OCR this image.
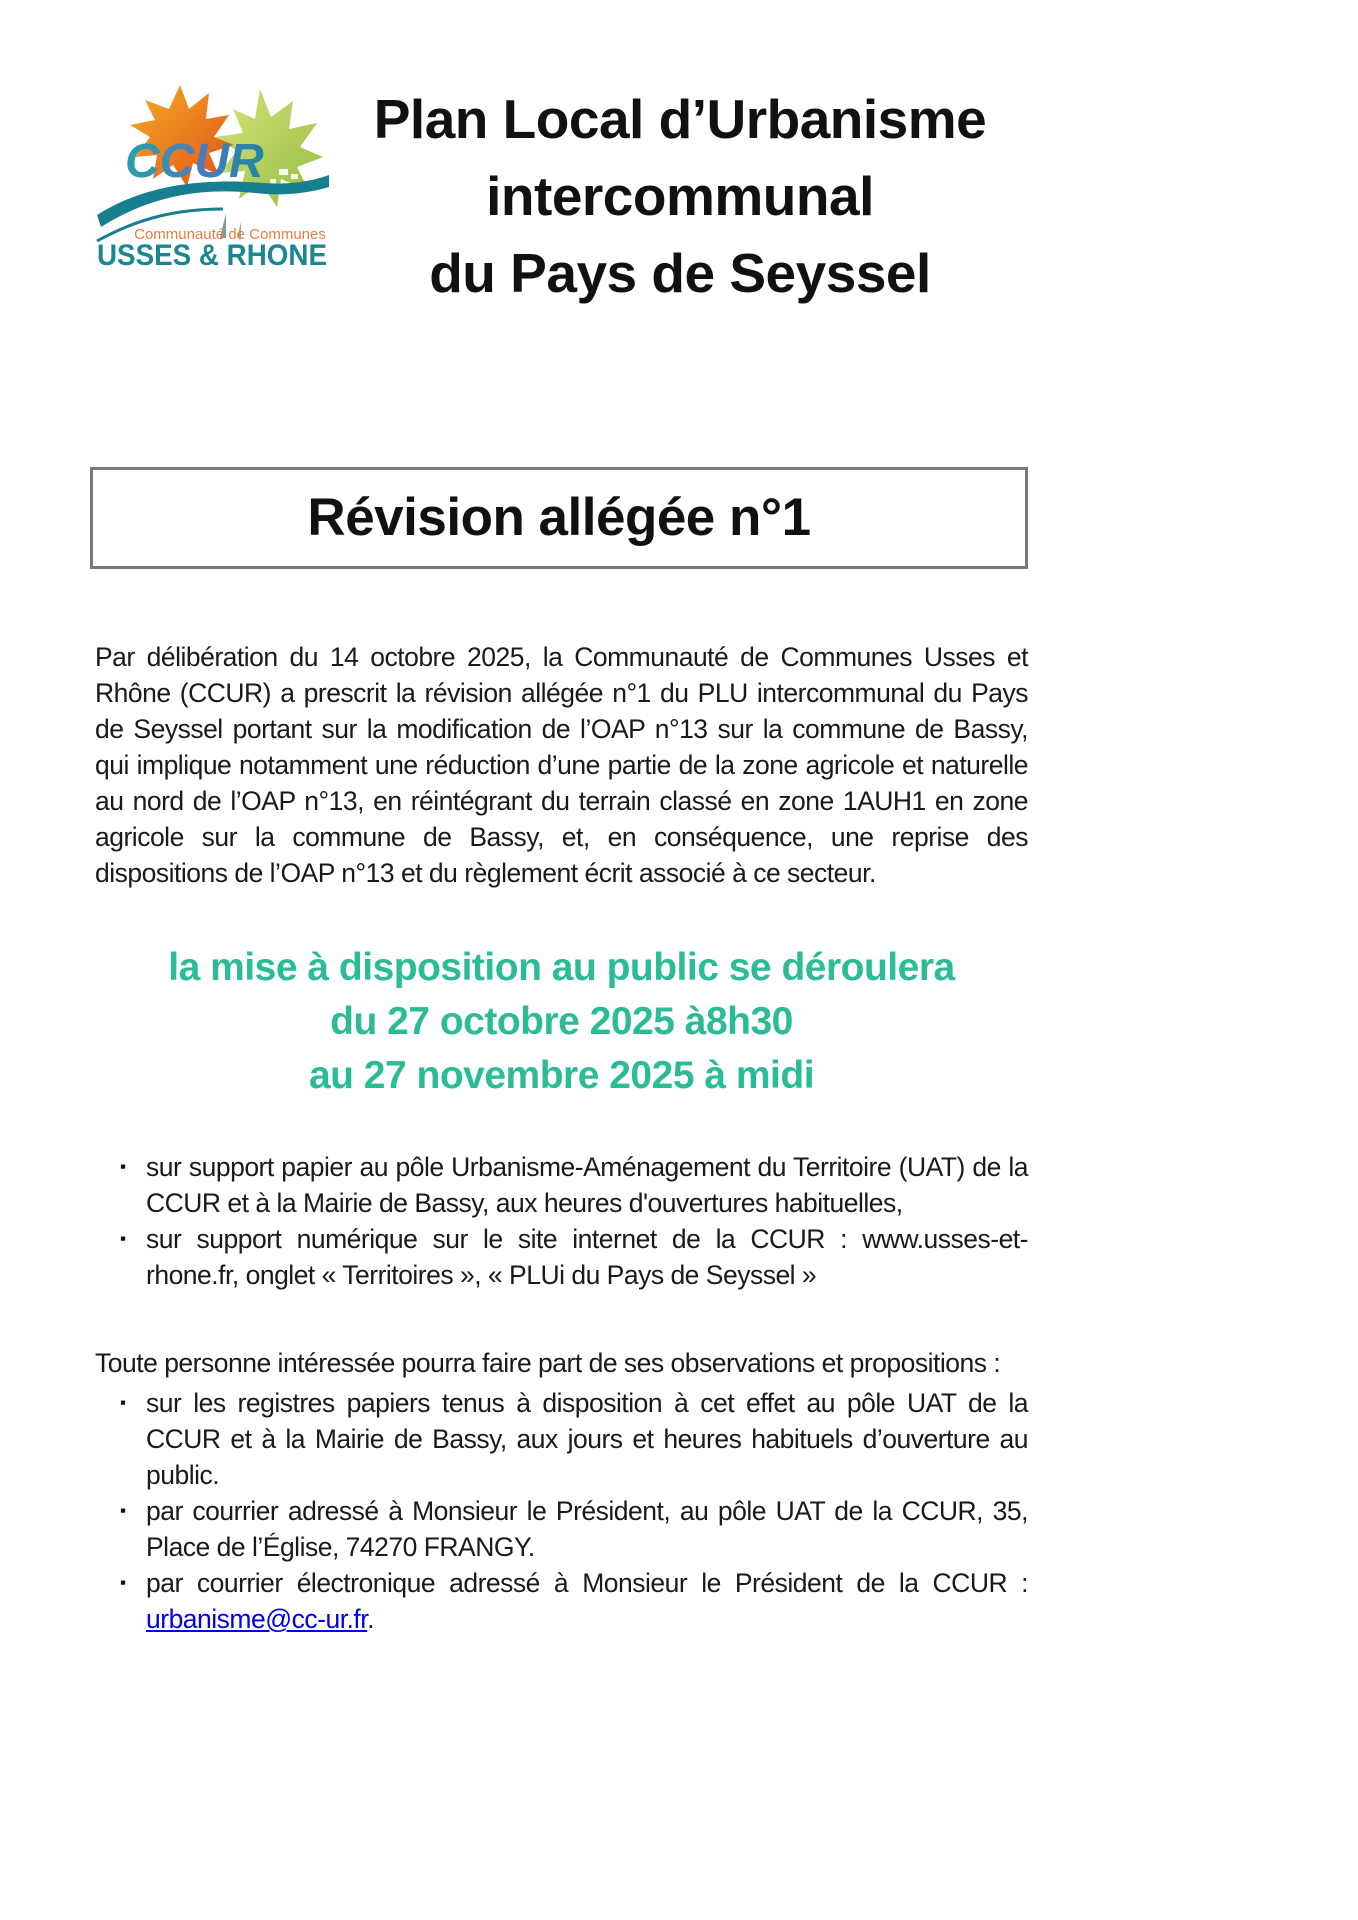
CCUR
Communauté de Communes
USSES & RHONE
Plan Local d’Urbanisme
intercommunal
du Pays de Seyssel
Révision allégée n°1

Par délibération du 14 octobre 2025, la Communauté de Communes Usses et Rhône (CCUR) a prescrit la révision allégée n°1 du PLU intercommunal du Pays de Seyssel portant sur la modification de l’OAP n°13 sur la commune de Bassy, qui implique notamment une réduction d’une partie de la zone agricole et naturelle au nord de l’OAP n°13, en réintégrant du terrain classé en zone 1AUH1 en zone agricole sur la commune de Bassy, et, en conséquence, une reprise des dispositions de l’OAP n°13 et du règlement écrit associé à ce secteur.

la mise à disposition au public se déroulera
du 27 octobre 2025 à8h30
au 27 novembre 2025 à midi
▪ sur support papier au pôle Urbanisme-Aménagement du Territoire (UAT) de la CCUR et à la Mairie de Bassy, aux heures d'ouvertures habituelles,
▪ sur support numérique sur le site internet de la CCUR : www.usses-et-rhone.fr, onglet « Territoires », « PLUi du Pays de Seyssel »

Toute personne intéressée pourra faire part de ses observations et propositions :

▪ sur les registres papiers tenus à disposition à cet effet au pôle UAT de la CCUR et à la Mairie de Bassy, aux jours et heures habituels d’ouverture au public.
▪ par courrier adressé à Monsieur le Président, au pôle UAT de la CCUR, 35, Place de l’Église, 74270 FRANGY.
▪ par courrier électronique adressé à Monsieur le Président de la CCUR : urbanisme@cc-ur.fr.
